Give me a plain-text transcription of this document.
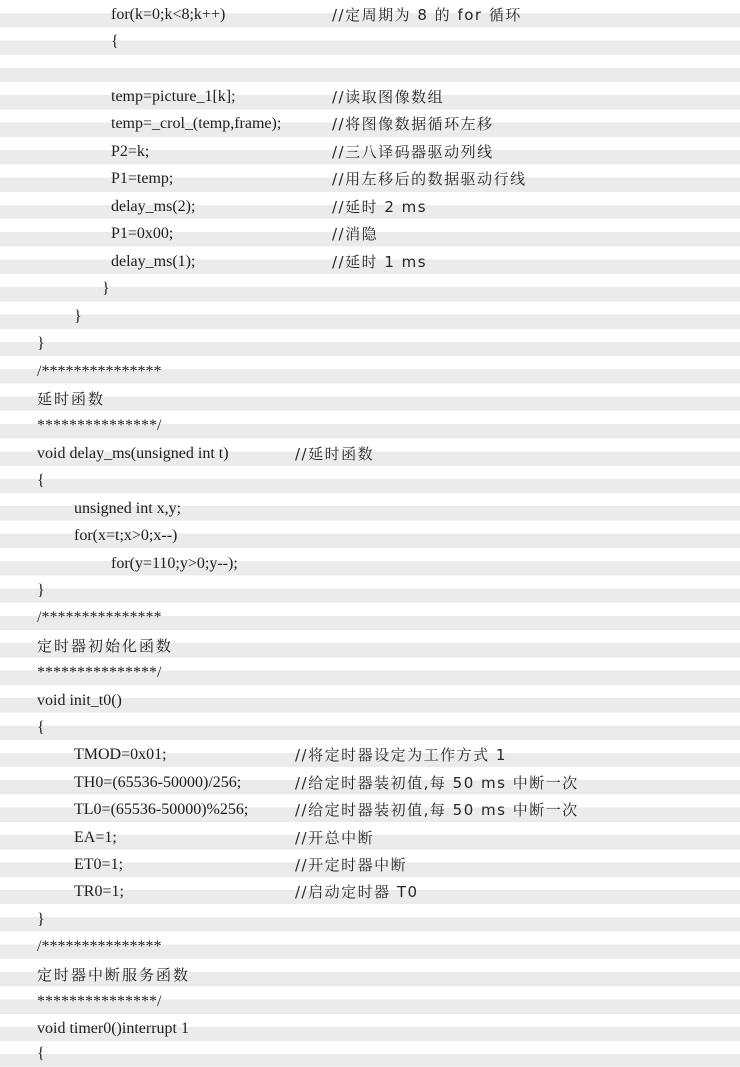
for(k=0;k<8;k++)	//定周期为 8 的 for 循环
{
temp=picture_1[k];	//读取图像数组
temp=_crol_(temp,frame);	//将图像数据循环左移
P2=k;	//三八译码器驱动列线
P1=temp;	//用左移后的数据驱动行线
delay_ms(2);	//延时 2 ms
P1=0x00;	//消隐
delay_ms(1);	//延时 1 ms
}
}
}
/***************
延时函数
***************/
void delay_ms(unsigned int t)	//延时函数
{
unsigned int x,y;
for(x=t;x>0;x--)
for(y=110;y>0;y--);
}
/***************
定时器初始化函数
***************/
void init_t0()
{
TMOD=0x01;	//将定时器设定为工作方式 1
TH0=(65536-50000)/256;	//给定时器装初值,每 50 ms 中断一次
TL0=(65536-50000)%256;	//给定时器装初值,每 50 ms 中断一次
EA=1;	//开总中断
ET0=1;	//开定时器中断
TR0=1;	//启动定时器 T0
}
/***************
定时器中断服务函数
***************/
void timer0()interrupt 1
{
